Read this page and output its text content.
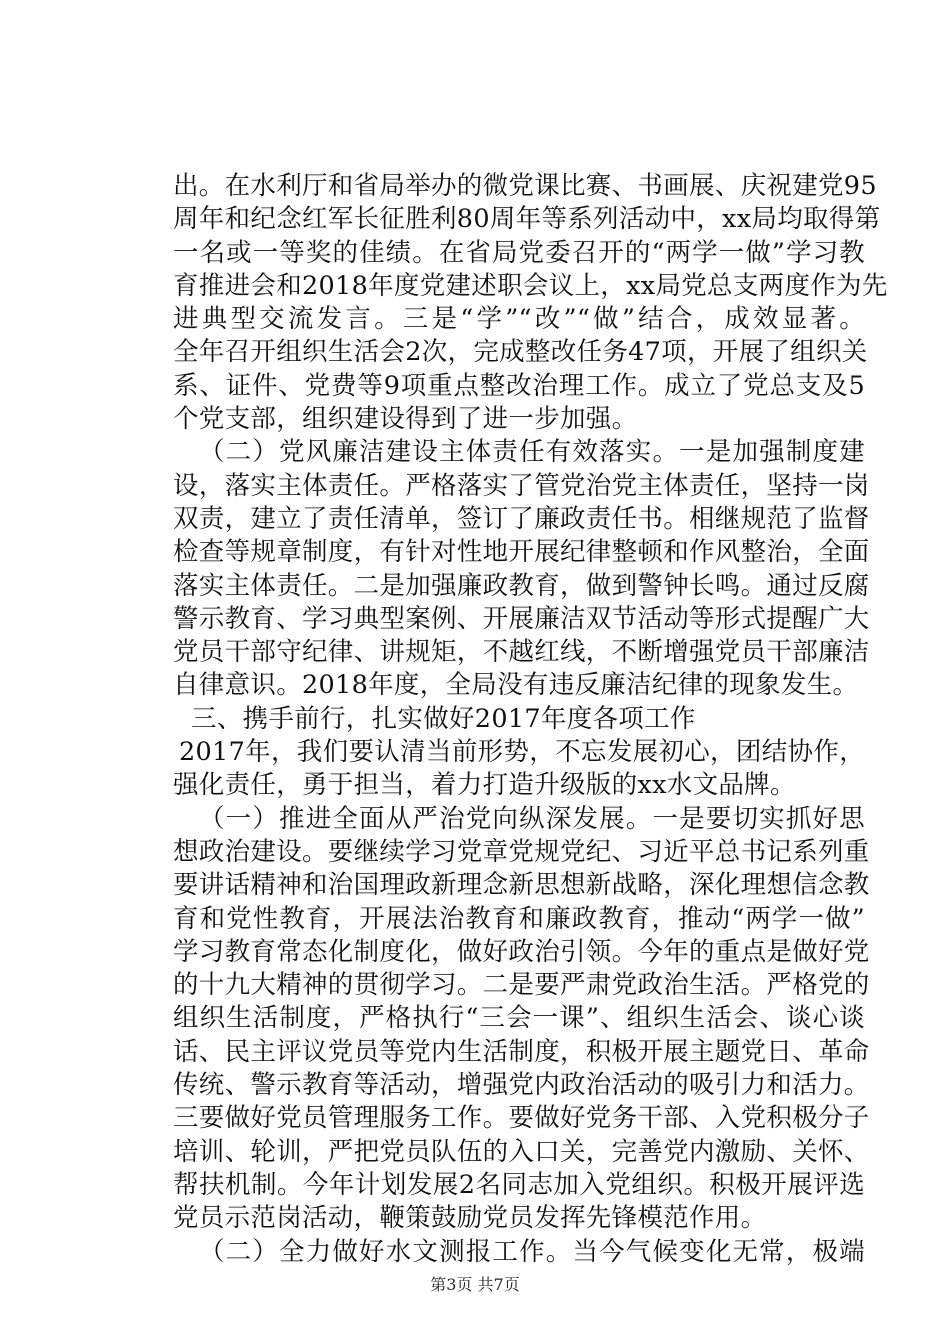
出。在水利厅和省局举办的微党课比赛、书画展、庆祝建党95
周年和纪念红军长征胜利80周年等系列活动中，xx局均取得第
一名或一等奖的佳绩。在省局党委召开的“两学一做”学习教
育推进会和2018年度党建述职会议上，xx局党总支两度作为先
进典型交流发言。三是“学”“改”“做”结合，成效显著。
全年召开组织生活会2次，完成整改任务47项，开展了组织关
系、证件、党费等9项重点整改治理工作。成立了党总支及5
个党支部，组织建设得到了进一步加强。
（二）党风廉洁建设主体责任有效落实。一是加强制度建
设，落实主体责任。严格落实了管党治党主体责任，坚持一岗
双责，建立了责任清单，签订了廉政责任书。相继规范了监督
检查等规章制度，有针对性地开展纪律整顿和作风整治，全面
落实主体责任。二是加强廉政教育，做到警钟长鸣。通过反腐
警示教育、学习典型案例、开展廉洁双节活动等形式提醒广大
党员干部守纪律、讲规矩，不越红线，不断增强党员干部廉洁
自律意识。2018年度，全局没有违反廉洁纪律的现象发生。
三、携手前行，扎实做好2017年度各项工作
2017年，我们要认清当前形势，不忘发展初心，团结协作，
强化责任，勇于担当，着力打造升级版的xx水文品牌。
（一）推进全面从严治党向纵深发展。一是要切实抓好思
想政治建设。要继续学习党章党规党纪、习近平总书记系列重
要讲话精神和治国理政新理念新思想新战略，深化理想信念教
育和党性教育，开展法治教育和廉政教育，推动“两学一做”
学习教育常态化制度化，做好政治引领。今年的重点是做好党
的十九大精神的贯彻学习。二是要严肃党政治生活。严格党的
组织生活制度，严格执行“三会一课”、组织生活会、谈心谈
话、民主评议党员等党内生活制度，积极开展主题党日、革命
传统、警示教育等活动，增强党内政治活动的吸引力和活力。
三要做好党员管理服务工作。要做好党务干部、入党积极分子
培训、轮训，严把党员队伍的入口关，完善党内激励、关怀、
帮扶机制。今年计划发展2名同志加入党组织。积极开展评选
党员示范岗活动，鞭策鼓励党员发挥先锋模范作用。
（二）全力做好水文测报工作。当今气候变化无常，极端
第3页 共7页
